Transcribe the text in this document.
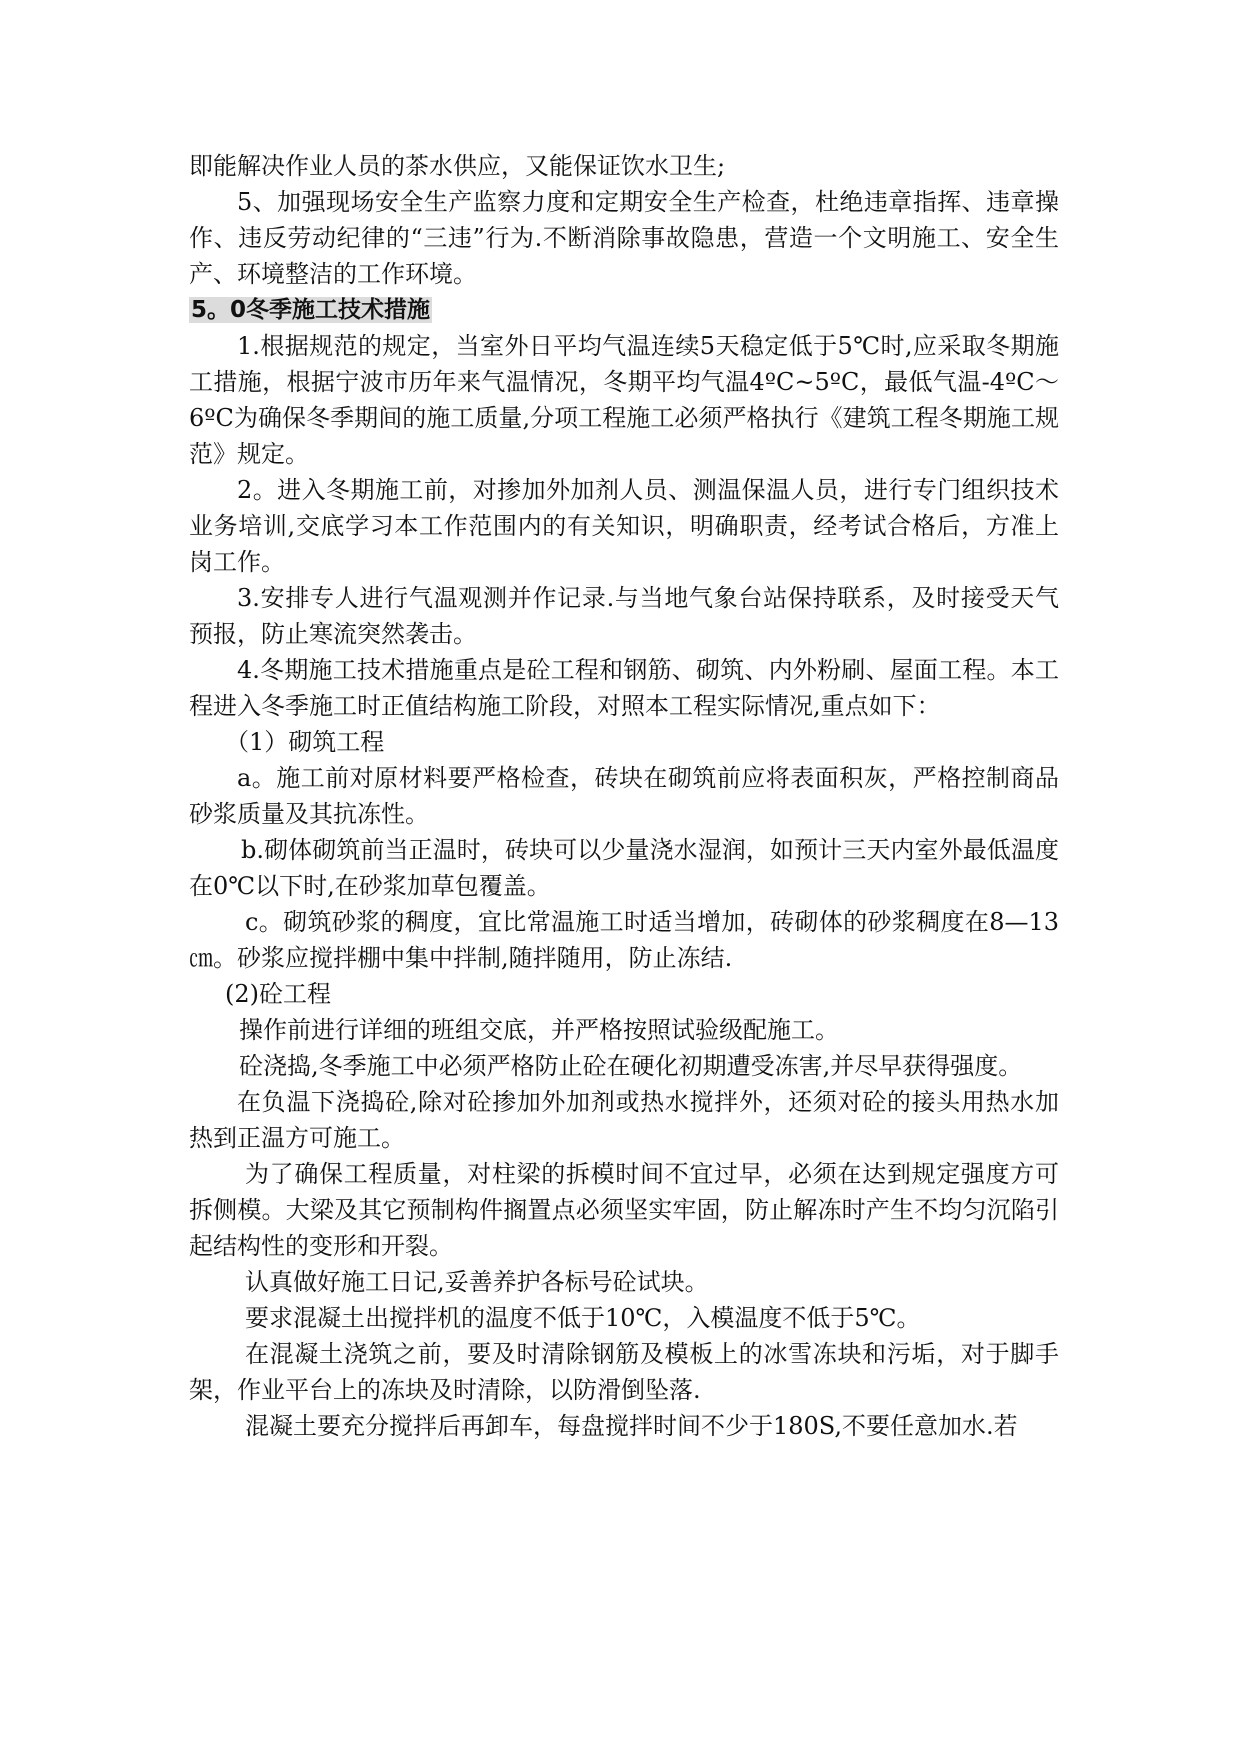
即能解决作业人员的茶水供应，又能保证饮水卫生;

5、加强现场安全生产监察力度和定期安全生产检查，杜绝违章指挥、违章操作、违反劳动纪律的“三违”行为.不断消除事故隐患，营造一个文明施工、安全生产、环境整洁的工作环境。

5。0冬季施工技术措施

1.根据规范的规定，当室外日平均气温连续5天稳定低于5℃时,应采取冬期施工措施，根据宁波市历年来气温情况，冬期平均气温4ºC~5ºC，最低气温-4ºC～6ºC为确保冬季期间的施工质量,分项工程施工必须严格执行《建筑工程冬期施工规范》规定。

2。进入冬期施工前，对掺加外加剂人员、测温保温人员，进行专门组织技术业务培训,交底学习本工作范围内的有关知识，明确职责，经考试合格后，方准上岗工作。

3.安排专人进行气温观测并作记录.与当地气象台站保持联系，及时接受天气预报，防止寒流突然袭击。

4.冬期施工技术措施重点是砼工程和钢筋、砌筑、内外粉刷、屋面工程。本工程进入冬季施工时正值结构施工阶段，对照本工程实际情况,重点如下：

（1）砌筑工程

a。施工前对原材料要严格检查，砖块在砌筑前应将表面积灰，严格控制商品砂浆质量及其抗冻性。

b.砌体砌筑前当正温时，砖块可以少量浇水湿润，如预计三天内室外最低温度在0℃以下时,在砂浆加草包覆盖。

c。砌筑砂浆的稠度，宜比常温施工时适当增加，砖砌体的砂浆稠度在8—13㎝。砂浆应搅拌棚中集中拌制,随拌随用，防止冻结.

(2)砼工程

操作前进行详细的班组交底，并严格按照试验级配施工。

砼浇捣,冬季施工中必须严格防止砼在硬化初期遭受冻害,并尽早获得强度。

在负温下浇捣砼,除对砼掺加外加剂或热水搅拌外，还须对砼的接头用热水加热到正温方可施工。

为了确保工程质量，对柱梁的拆模时间不宜过早，必须在达到规定强度方可拆侧模。大梁及其它预制构件搁置点必须坚实牢固，防止解冻时产生不均匀沉陷引起结构性的变形和开裂。

认真做好施工日记,妥善养护各标号砼试块。

要求混凝土出搅拌机的温度不低于10℃，入模温度不低于5℃。

在混凝土浇筑之前，要及时清除钢筋及模板上的冰雪冻块和污垢，对于脚手架，作业平台上的冻块及时清除，以防滑倒坠落.

混凝土要充分搅拌后再卸车，每盘搅拌时间不少于180S,不要任意加水.若
